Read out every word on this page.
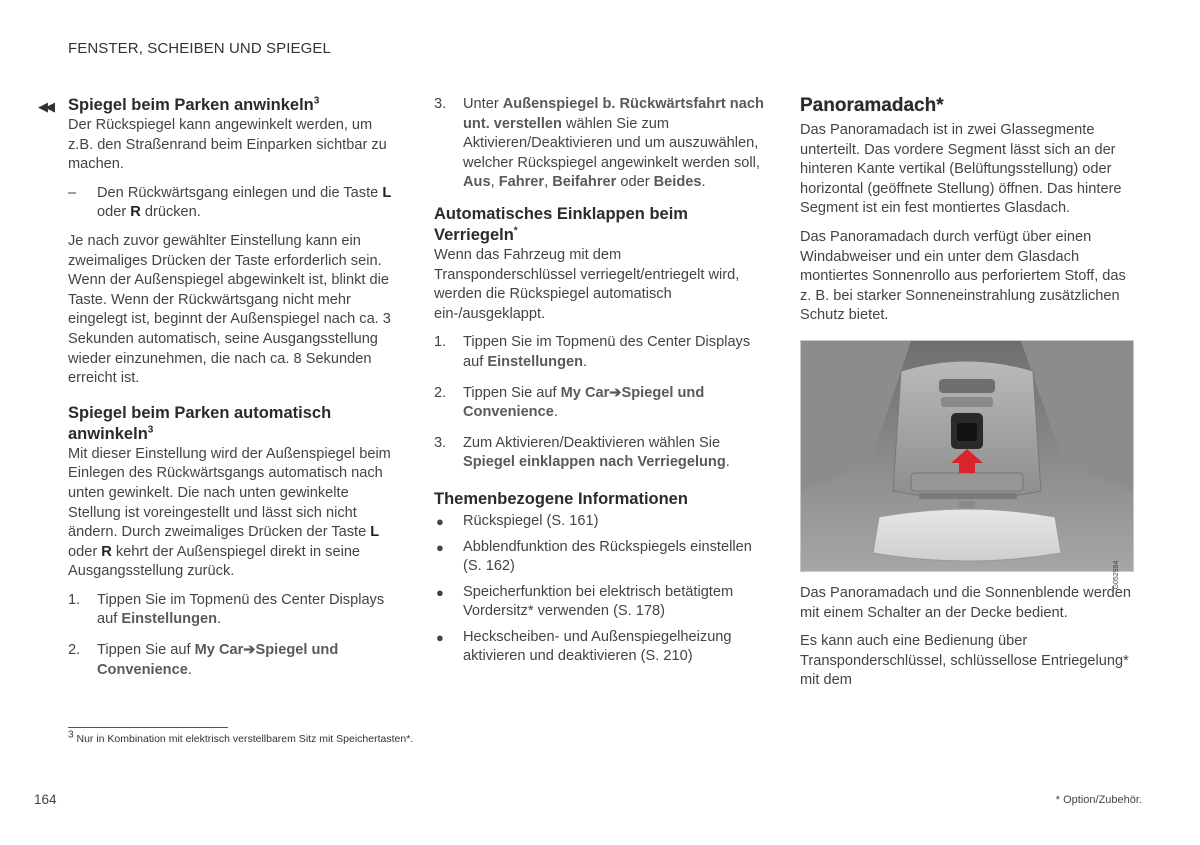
FENSTER, SCHEIBEN UND SPIEGEL
◀◀ Spiegel beim Parken anwinkeln$^3$

Der Rückspiegel kann angewinkelt werden, um z.B. den Straßenrand beim Einparken sichtbar zu machen.

– Den Rückwärtsgang einlegen und die Taste L oder R drücken.

Je nach zuvor gewählter Einstellung kann ein zweimaliges Drücken der Taste erforderlich sein. Wenn der Außenspiegel abgewinkelt ist, blinkt die Taste. Wenn der Rückwärtsgang nicht mehr eingelegt ist, beginnt der Außenspiegel nach ca. 3 Sekunden automatisch, seine Ausgangsstellung wieder einzunehmen, die nach ca. 8 Sekunden erreicht ist.

Spiegel beim Parken automatisch anwinkeln$^3$

Mit dieser Einstellung wird der Außenspiegel beim Einlegen des Rückwärtsgangs automatisch nach unten gewinkelt. Die nach unten gewinkelte Stellung ist voreingestellt und lässt sich nicht ändern. Durch zweimaliges Drücken der Taste L oder R kehrt der Außenspiegel direkt in seine Ausgangsstellung zurück.

1. Tippen Sie im Topmenü des Center Displays auf Einstellungen.
2. Tippen Sie auf My Car➔Spiegel und Convenience.
3. Unter Außenspiegel b. Rückwärtsfahrt nach unt. verstellen wählen Sie zum Aktivieren/Deaktivieren und um auszuwählen, welcher Rückspiegel angewinkelt werden soll, Aus, Fahrer, Beifahrer oder Beides.
Automatisches Einklappen beim Verriegeln*

Wenn das Fahrzeug mit dem Transponderschlüssel verriegelt/entriegelt wird, werden die Rückspiegel automatisch ein-/ausgeklappt.

1. Tippen Sie im Topmenü des Center Displays auf Einstellungen.
2. Tippen Sie auf My Car➔Spiegel und Convenience.
3. Zum Aktivieren/Deaktivieren wählen Sie Spiegel einklappen nach Verriegelung.
Themenbezogene Informationen
● Rückspiegel (S. 161)
● Abblendfunktion des Rückspiegels einstellen (S. 162)
● Speicherfunktion bei elektrisch betätigtem Vordersitz* verwenden (S. 178)
● Heckscheiben- und Außenspiegelheizung aktivieren und deaktivieren (S. 210)
Panoramadach*

Das Panoramadach ist in zwei Glassegmente unterteilt. Das vordere Segment lässt sich an der hinteren Kante vertikal (Belüftungsstellung) oder horizontal (geöffnete Stellung) öffnen. Das hintere Segment ist ein fest montiertes Glasdach.

Das Panoramadach durch verfügt über einen Windabweiser und ein unter dem Glasdach montiertes Sonnenrollo aus perforiertem Stoff, das z. B. bei starker Sonneneinstrahlung zusätzlichen Schutz bietet.

G052984

Das Panoramadach und die Sonnenblende werden mit einem Schalter an der Decke bedient.

Es kann auch eine Bedienung über Transponderschlüssel, schlüssellose Entriegelung* mit dem

$^3$ Nur in Kombination mit elektrisch verstellbarem Sitz mit Speichertasten*.
164	* Option/Zubehör.
